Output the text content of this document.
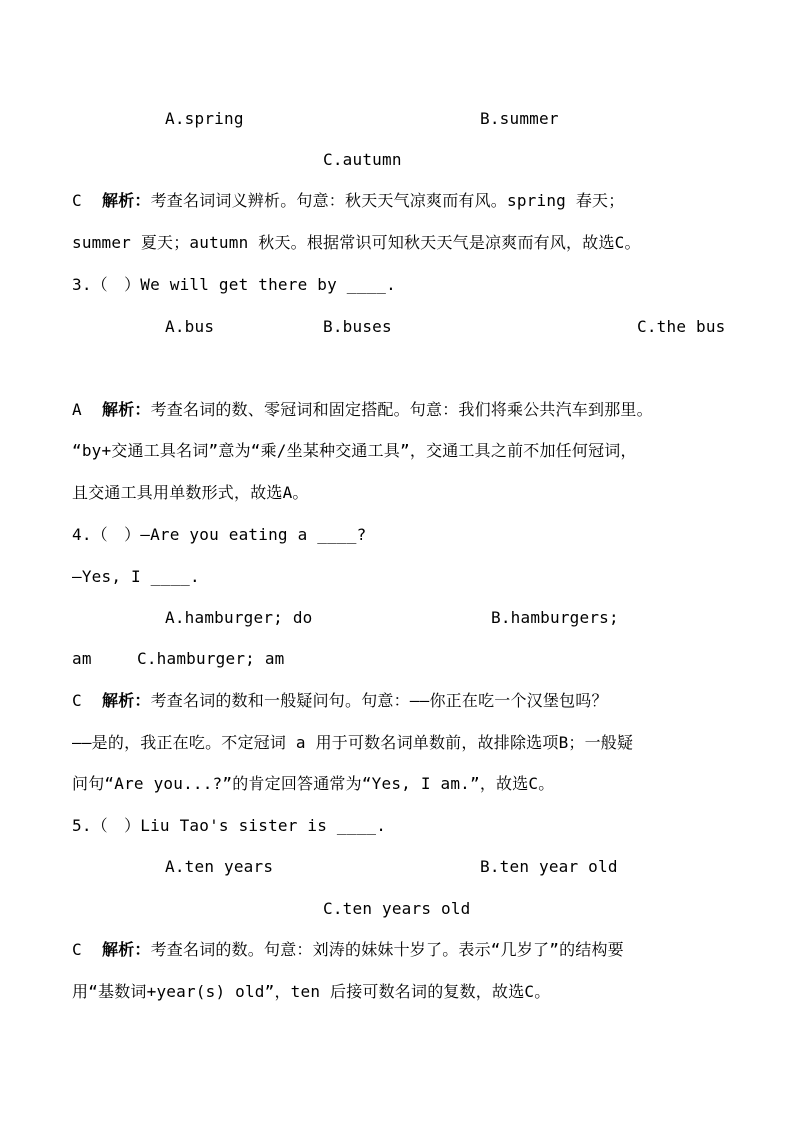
A.spring	B.summer
C.autumn
C 解析：考查名词词义辨析。句意：秋天天气凉爽而有风。spring 春天；
summer 夏天；autumn 秋天。根据常识可知秋天天气是凉爽而有风，故选C。
3.（　）We will get there by ____.
A.bus	B.buses	C.the bus
A 解析：考查名词的数、零冠词和固定搭配。句意：我们将乘公共汽车到那里。
“by+交通工具名词”意为“乘/坐某种交通工具”，交通工具之前不加任何冠词，
且交通工具用单数形式，故选A。
4.（　）—Are you eating a ____?
—Yes, I ____.
A.hamburger; do	B.hamburgers;
am	C.hamburger; am
C 解析：考查名词的数和一般疑问句。句意：——你正在吃一个汉堡包吗？
——是的，我正在吃。不定冠词 a 用于可数名词单数前，故排除选项B；一般疑
问句“Are you...?”的肯定回答通常为“Yes, I am.”，故选C。
5.（　）Liu Tao's sister is ____.
A.ten years	B.ten year old
C.ten years old
C 解析：考查名词的数。句意：刘涛的妹妹十岁了。表示“几岁了”的结构要
用“基数词+year(s) old”，ten 后接可数名词的复数，故选C。
